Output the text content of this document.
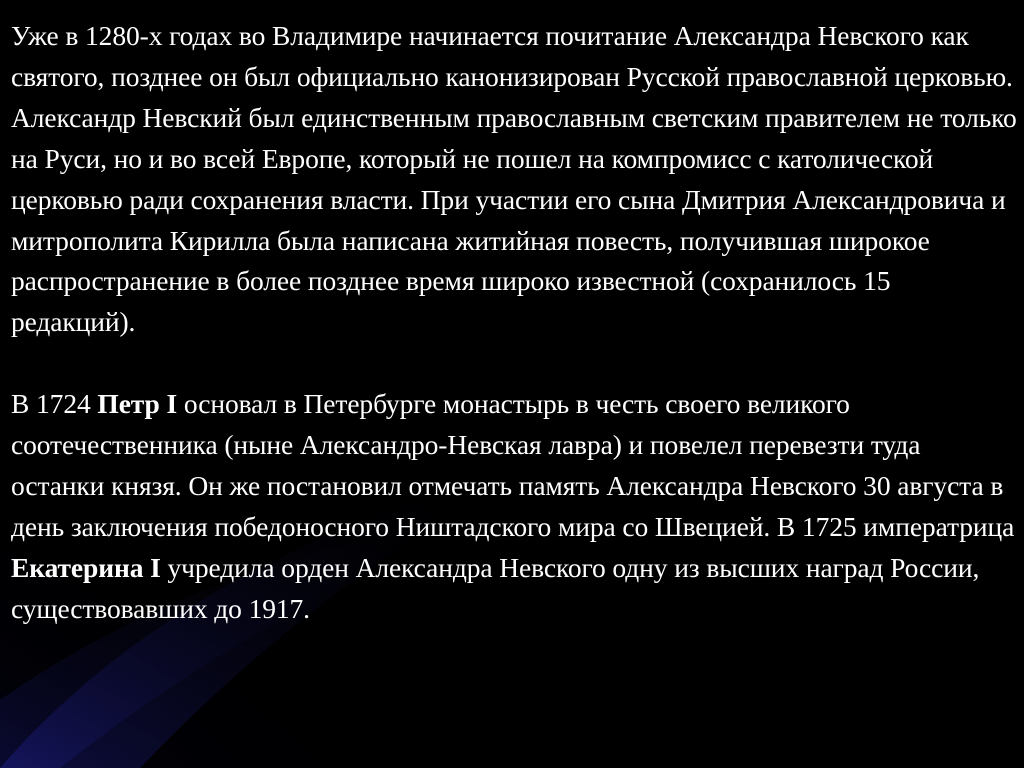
Уже в 1280-х годах во Владимире начинается почитание Александра Невского как святого, позднее он был официально канонизирован Русской православной церковью. Александр Невский был единственным православным светским правителем не только на Руси, но и во всей Европе, который не пошел на компромисс с католической церковью ради сохранения власти. При участии его сына Дмитрия Александровича и митрополита Кирилла была написана житийная повесть, получившая широкое распространение в более позднее время широко известной (сохранилось 15 редакций).

В 1724 Петр I основал в Петербурге монастырь в честь своего великого соотечественника (ныне Александро-Невская лавра) и повелел перевезти туда останки князя. Он же постановил отмечать память Александра Невского 30 августа в день заключения победоносного Ништадского мира со Швецией. В 1725 императрица Екатерина I учредила орден Александра Невского одну из высших наград России, существовавших до 1917.
